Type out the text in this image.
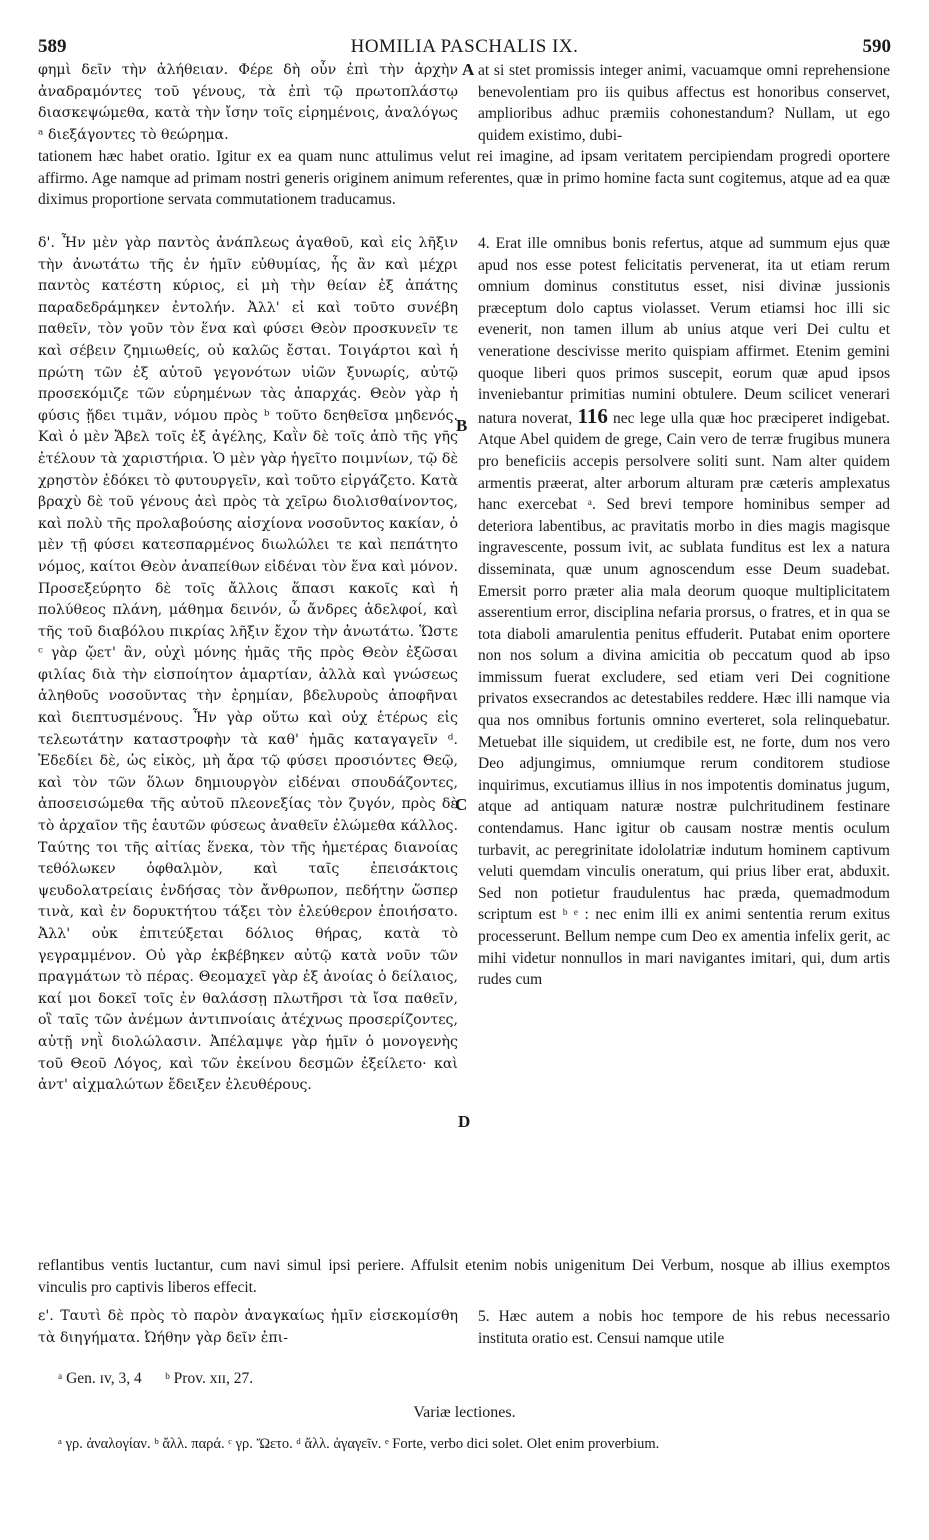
589	HOMILIA PASCHALIS IX.	590
A
B
C
D

φημὶ δεῖν τὴν ἀλήθειαν. Φέρε δὴ οὖν ἐπὶ τὴν ἀρχὴν ἀναδραμόντες τοῦ γένους, τὰ ἐπὶ τῷ πρωτοπλάστῳ διασκεψώμεθα, κατὰ τὴν ἴσην τοῖς εἰρημένοις, ἀναλόγως ᵃ διεξάγοντες τὸ θεώρημα.

at si stet promissis integer animi, vacuamque omni reprehensione benevolentiam pro iis quibus affectus est honoribus conservet, amplioribus adhuc præmiis cohonestandum? Nullam, ut ego quidem existimo, dubi-

tationem hæc habet oratio. Igitur ex ea quam nunc attulimus velut rei imagine, ad ipsam veritatem percipiendam progredi oportere affirmo. Age namque ad primam nostri generis originem animum referentes, quæ in primo homine facta sunt cogitemus, atque ad ea quæ diximus proportione servata commutationem traducamus.

δ'. Ἦν μὲν γὰρ παντὸς ἀνάπλεως ἀγαθοῦ, καὶ εἰς λῆξιν τὴν ἀνωτάτω τῆς ἐν ἡμῖν εὐθυμίας, ἧς ἂν καὶ μέχρι παντὸς κατέστη κύριος, εἰ μὴ τὴν θείαν ἐξ ἀπάτης παραδεδράμηκεν ἐντολήν. Ἀλλ' εἰ καὶ τοῦτο συνέβη παθεῖν, τὸν γοῦν τὸν ἕνα καὶ φύσει Θεὸν προσκυνεῖν τε καὶ σέβειν ζημιωθείς, οὐ καλῶς ἔσται. Τοιγάρτοι καὶ ἡ πρώτη τῶν ἐξ αὐτοῦ γεγονότων υἱῶν ξυνωρίς, αὐτῷ προσεκόμιζε τῶν εὑρημένων τὰς ἀπαρχάς. Θεὸν γὰρ ἡ φύσις ᾔδει τιμᾶν, νόμου πρὸς ᵇ τοῦτο δεηθεῖσα μηδενός. Καὶ ὁ μὲν Ἄβελ τοῖς ἐξ ἀγέλης, Καῒν δὲ τοῖς ἀπὸ τῆς γῆς ἐτέλουν τὰ χαριστήρια. Ὁ μὲν γὰρ ἡγεῖτο ποιμνίων, τῷ δὲ χρηστὸν ἐδόκει τὸ φυτουργεῖν, καὶ τοῦτο εἰργάζετο. Κατὰ βραχὺ δὲ τοῦ γένους ἀεὶ πρὸς τὰ χεῖρω διολισθαίνοντος, καὶ πολὺ τῆς προλαβούσης αἰσχίονα νοσοῦντος κακίαν, ὁ μὲν τῇ φύσει κατεσπαρμένος διωλώλει τε καὶ πεπάτητο νόμος, καίτοι Θεὸν ἀναπείθων εἰδέναι τὸν ἕνα καὶ μόνον. Προσεξεύρητο δὲ τοῖς ἄλλοις ἅπασι κακοῖς καὶ ἡ πολύθεος πλάνη, μάθημα δεινόν, ὦ ἄνδρες ἀδελφοί, καὶ τῆς τοῦ διαβόλου πικρίας λῆξιν ἔχον τὴν ἀνωτάτω. Ὥστε ᶜ γὰρ ᾤετ' ἂν, οὐχὶ μόνης ἡμᾶς τῆς πρὸς Θεὸν ἐξῶσαι φιλίας διὰ τὴν εἰσποίητον ἁμαρτίαν, ἀλλὰ καὶ γνώσεως ἀληθοῦς νοσοῦντας τὴν ἐρημίαν, βδελυροὺς ἀποφῆναι καὶ διεπτυσμένους. Ἦν γὰρ οὕτω καὶ οὐχ ἑτέρως εἰς τελεωτάτην καταστροφὴν τὰ καθ' ἡμᾶς καταγαγεῖν ᵈ. Ἐδεδίει δὲ, ὡς εἰκὸς, μὴ ἄρα τῷ φύσει προσιόντες Θεῷ, καὶ τὸν τῶν ὅλων δημιουργὸν εἰδέναι σπουδάζοντες, ἀποσεισώμεθα τῆς αὐτοῦ πλεονεξίας τὸν ζυγόν, πρὸς δὲ τὸ ἀρχαῖον τῆς ἑαυτῶν φύσεως ἀναθεῖν ἐλώμεθα κάλλος. Ταύτης τοι τῆς αἰτίας ἕνεκα, τὸν τῆς ἡμετέρας διανοίας τεθόλωκεν ὀφθαλμὸν, καὶ ταῖς ἐπεισάκτοις ψευδολατρείαις ἐνδήσας τὸν ἄνθρωπον, πεδήτην ὥσπερ τινὰ, καὶ ἐν δορυκτήτου τάξει τὸν ἐλεύθερον ἐποιήσατο. Ἀλλ' οὐκ ἐπιτεύξεται δόλιος θήρας, κατὰ τὸ γεγραμμένον. Οὐ γὰρ ἐκβέβηκεν αὐτῷ κατὰ νοῦν τῶν πραγμάτων τὸ πέρας. Θεομαχεῖ γὰρ ἐξ ἀνοίας ὁ δείλαιος, καί μοι δοκεῖ τοῖς ἐν θαλάσσῃ πλωτῆρσι τὰ ἴσα παθεῖν, οἳ ταῖς τῶν ἀνέμων ἀντιπνοίαις ἀτέχνως προσερίζοντες, αὐτῇ νηῒ διολώλασιν. Ἀπέλαμψε γὰρ ἡμῖν ὁ μονογενὴς τοῦ Θεοῦ Λόγος, καὶ τῶν ἐκείνου δεσμῶν ἐξείλετο· καὶ ἀντ' αἰχμαλώτων ἔδειξεν ἐλευθέρους.

4. Erat ille omnibus bonis refertus, atque ad summum ejus quæ apud nos esse potest felicitatis pervenerat, ita ut etiam rerum omnium dominus constitutus esset, nisi divinæ jussionis præceptum dolo captus violasset. Verum etiamsi hoc illi sic evenerit, non tamen illum ab unius atque veri Dei cultu et veneratione descivisse merito quispiam affirmet. Etenim gemini quoque liberi quos primos suscepit, eorum quæ apud ipsos inveniebantur primitias numini obtulere. Deum scilicet venerari natura noverat, 116 nec lege ulla quæ hoc præciperet indigebat. Atque Abel quidem de grege, Cain vero de terræ frugibus munera pro beneficiis accepis persolvere soliti sunt. Nam alter quidem armentis præerat, alter arborum alturam præ cæteris amplexatus hanc exercebat ᵃ. Sed brevi tempore hominibus semper ad deteriora labentibus, ac pravitatis morbo in dies magis magisque ingravescente, possum ivit, ac sublata funditus est lex a natura disseminata, quæ unum agnoscendum esse Deum suadebat. Emersit porro præter alia mala deorum quoque multiplicitatem asserentium error, disciplina nefaria prorsus, o fratres, et in qua se tota diaboli amarulentia penitus effuderit. Putabat enim oportere non nos solum a divina amicitia ob peccatum quod ab ipso immissum fuerat excludere, sed etiam veri Dei cognitione privatos exsecrandos ac detestabiles reddere. Hæc illi namque via qua nos omnibus fortunis omnino everteret, sola relinquebatur. Metuebat ille siquidem, ut credibile est, ne forte, dum nos vero Deo adjungimus, omniumque rerum conditorem studiose inquirimus, excutiamus illius in nos impotentis dominatus jugum, atque ad antiquam naturæ nostræ pulchritudinem festinare contendamus. Hanc igitur ob causam nostræ mentis oculum turbavit, ac peregrinitate idololatriæ indutum hominem captivum veluti quemdam vinculis oneratum, qui prius liber erat, abduxit. Sed non potietur fraudulentus hac præda, quemadmodum scriptum est ᵇ ᵉ : nec enim illi ex animi sententia rerum exitus processerunt. Bellum nempe cum Deo ex amentia infelix gerit, ac mihi videtur nonnullos in mari navigantes imitari, qui, dum artis rudes cum

reflantibus ventis luctantur, cum navi simul ipsi periere. Affulsit etenim nobis unigenitum Dei Verbum, nosque ab illius exemptos vinculis pro captivis liberos effecit.

ε'. Ταυτὶ δὲ πρὸς τὸ παρὸν ἀναγκαίως ἡμῖν εἰσεκομίσθη τὰ διηγήματα. Ὠήθην γὰρ δεῖν ἐπι-

5. Hæc autem a nobis hoc tempore de his rebus necessario instituta oratio est. Censui namque utile

ᵃ Gen. ɪv, 3, 4 ᵇ Prov. xɪɪ, 27.
Variæ lectiones.
ᵃ γρ. ἀναλογίαν. ᵇ ἄλλ. παρά. ᶜ γρ. Ὤετο. ᵈ ἄλλ. ἀγαγεῖν. ᵉ Forte, verbo dici solet. Olet enim proverbium.
